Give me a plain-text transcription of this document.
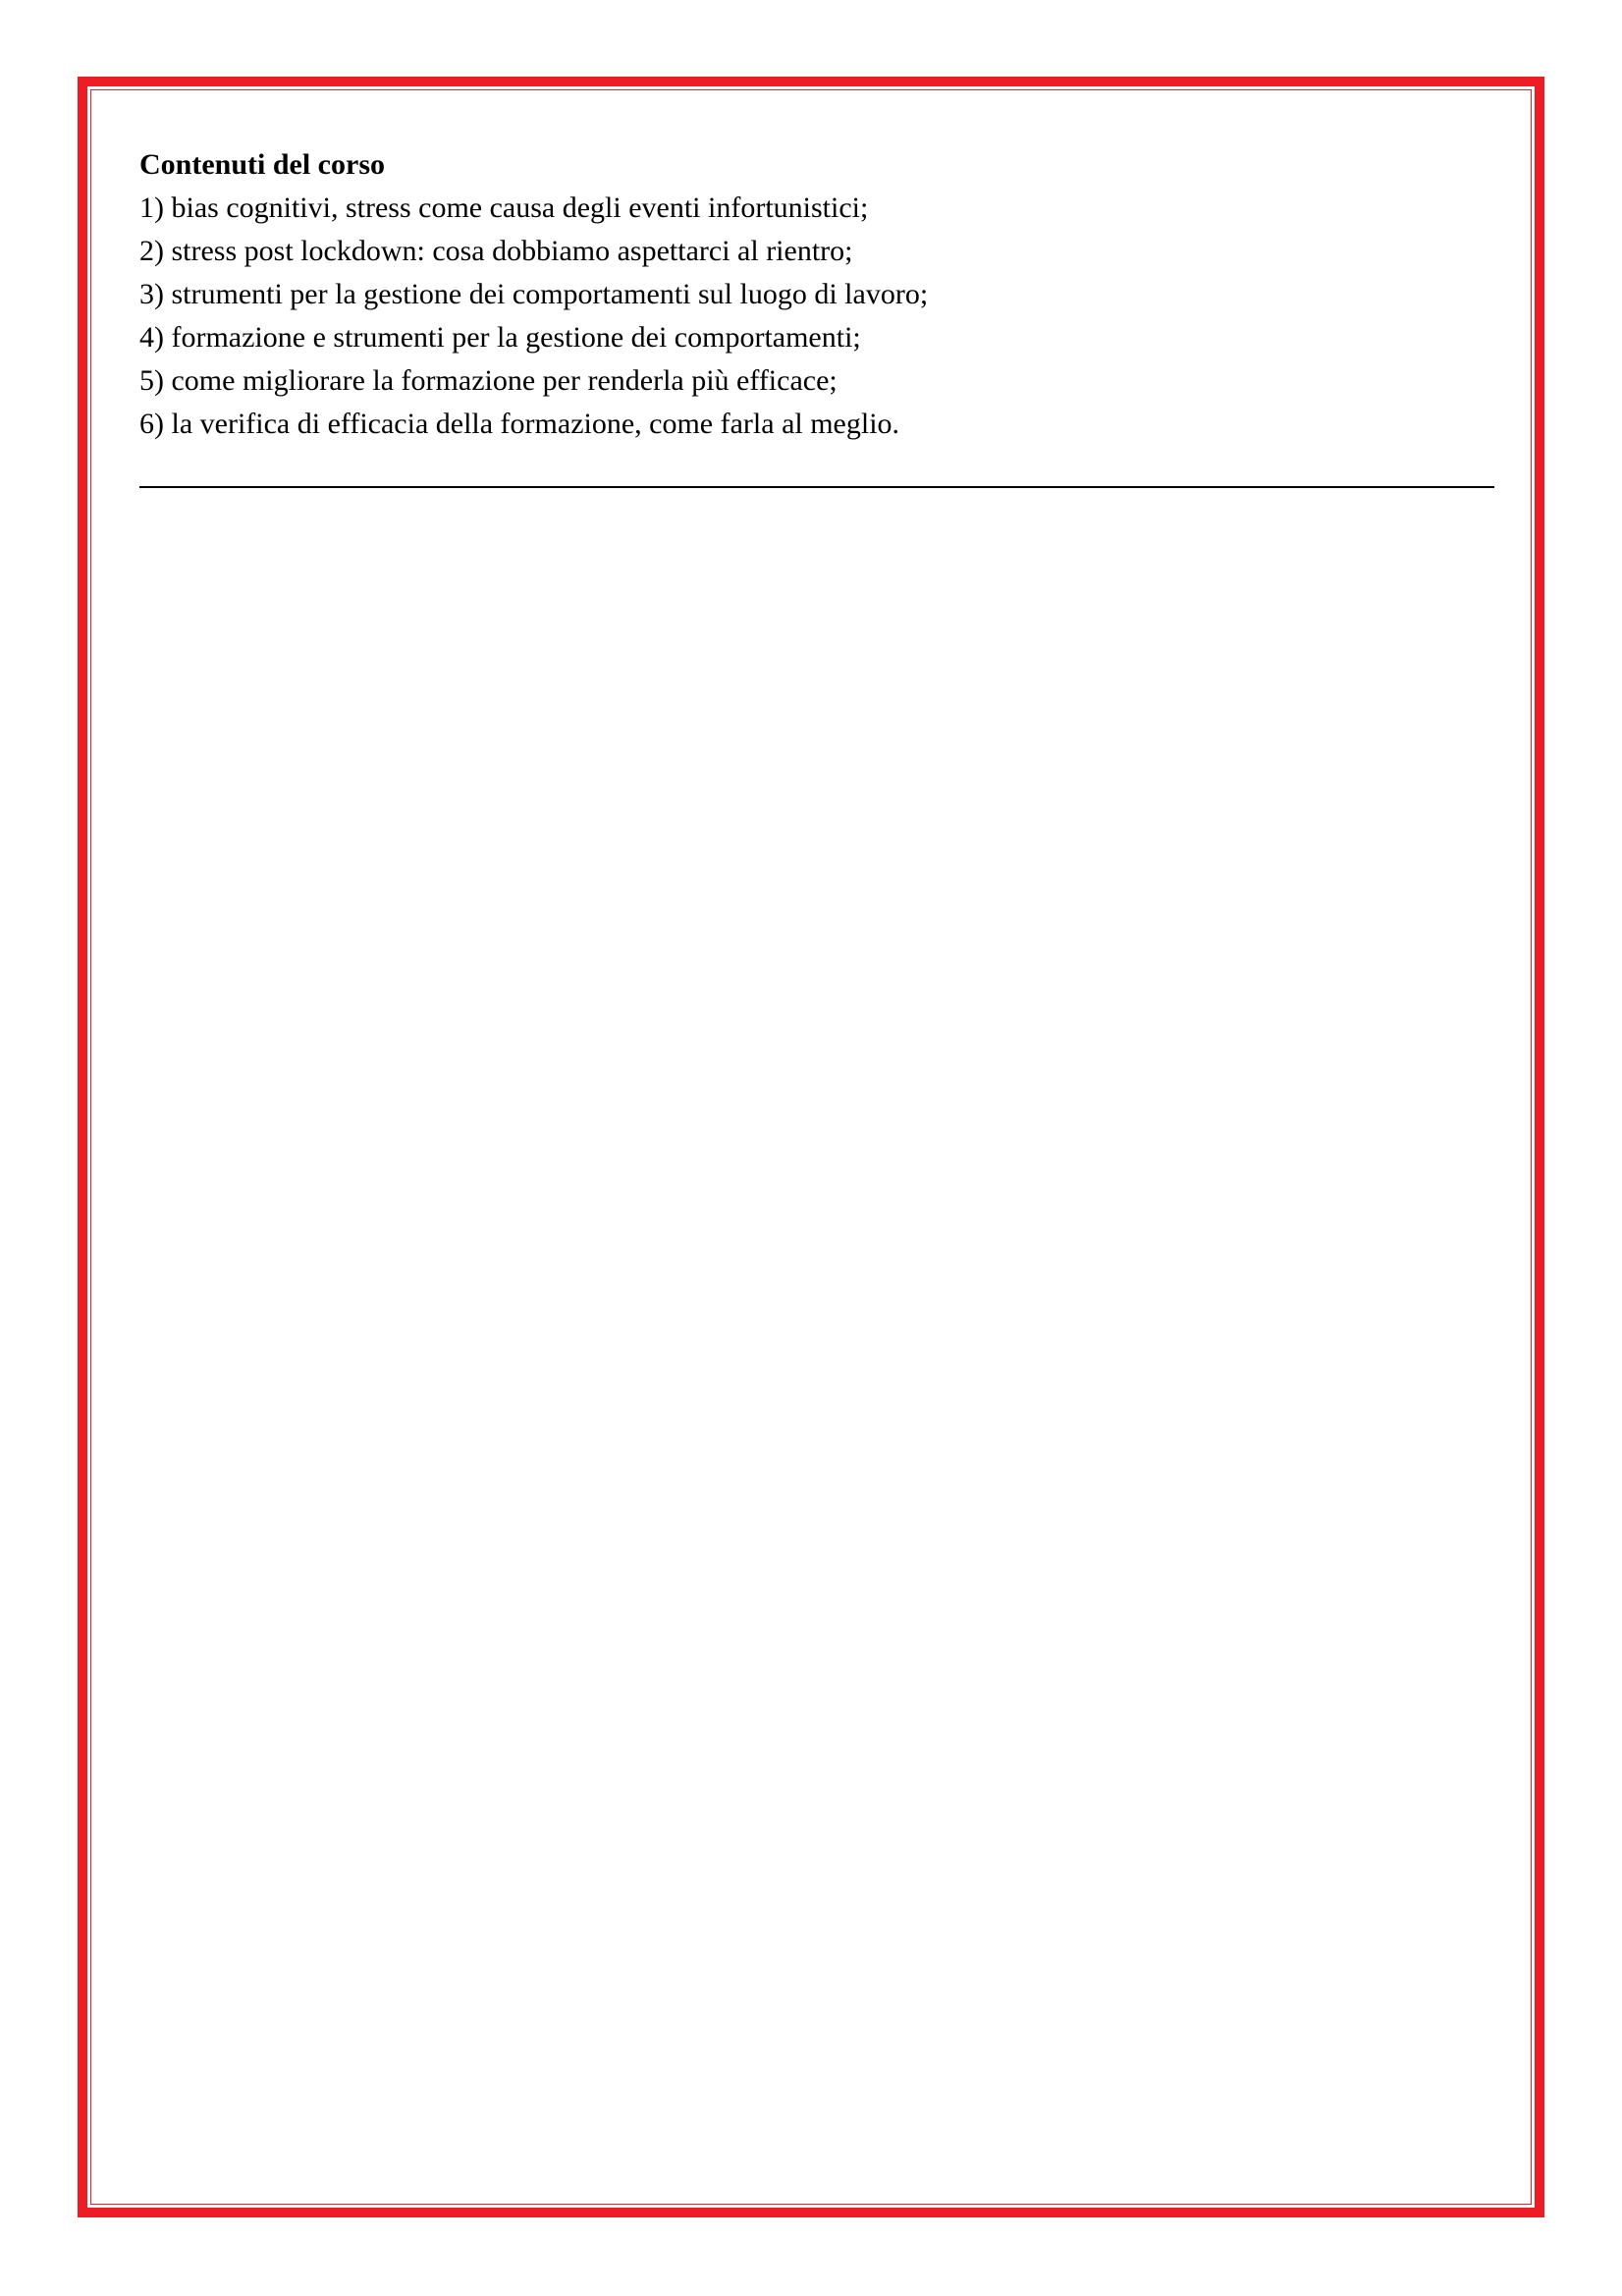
Contenuti del corso

1) bias cognitivi, stress come causa degli eventi infortunistici;
2) stress post lockdown: cosa dobbiamo aspettarci al rientro;
3) strumenti per la gestione dei comportamenti sul luogo di lavoro;
4) formazione e strumenti per la gestione dei comportamenti;
5) come migliorare la formazione per renderla più efficace;
6) la verifica di efficacia della formazione, come farla al meglio.
